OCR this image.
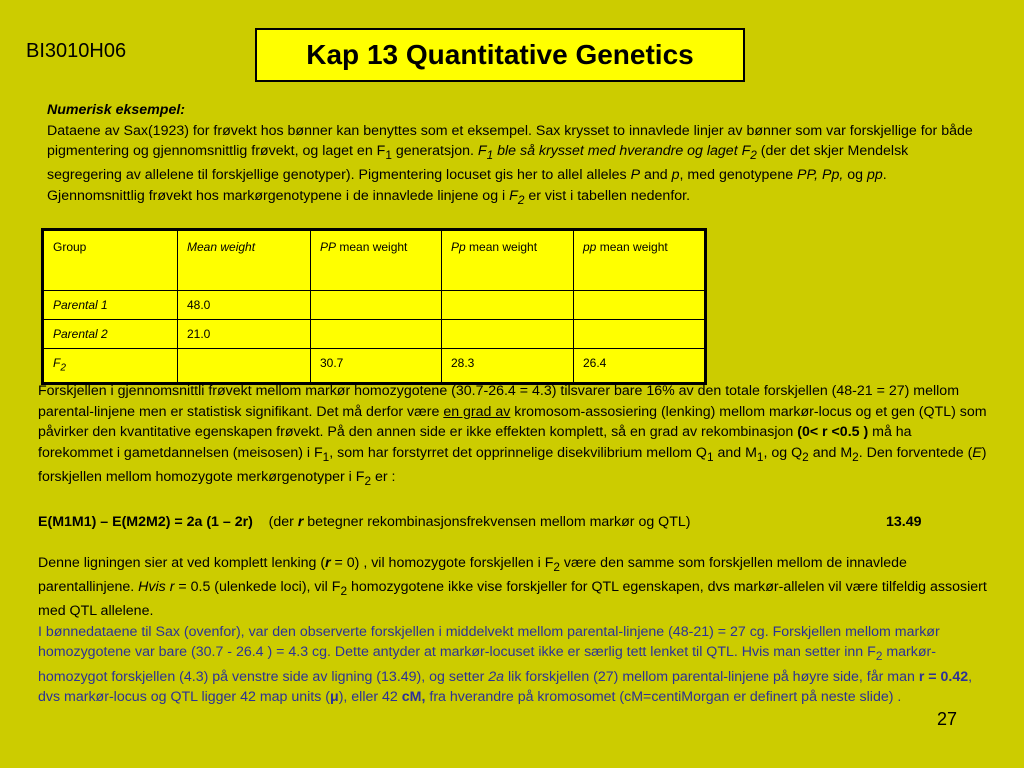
BI3010H06	Kap 13 Quantitative Genetics
Numerisk eksempel:
Dataene av Sax(1923) for frøvekt hos bønner kan benyttes som et eksempel. Sax krysset to innavlede linjer av bønner som var forskjellige for både pigmentering og gjennomsnittlig frøvekt, og laget en $F_1$ generatsjon. $F_1$ ble så krysset med hverandre og laget $F_2$ (der det skjer Mendelsk segregering av allelene til forskjellige genotyper). Pigmentering locuset gis her to allel alleles P and p, med genotypene PP, Pp, og pp. Gjennomsnittlig frøvekt hos markørgenotypene i de innavlede linjene og i $F_2$ er vist i tabellen nedenfor.
Group	Mean weight	PP mean weight	Pp mean weight	pp mean weight
Parental 1	48.0			
Parental 2	21.0			
$F_2$		30.7	28.3	26.4

Forskjellen i gjennomsnittli frøvekt mellom markør homozygotene (30.7-26.4 = 4.3) tilsvarer bare 16% av den totale forskjellen (48-21 = 27) mellom parental-linjene men er statistisk signifikant. Det må derfor være en grad av kromosom-assosiering (lenking) mellom markør-locus og et gen (QTL) som påvirker den kvantitative egenskapen frøvekt. På den annen side er ikke effekten komplett, så en grad av rekombinasjon (0< r <0.5 ) må ha forekommet i gametdannelsen (meisosen) i $F_1$, som har forstyrret det opprinnelige disekvilibrium mellom $Q_1$ and $M_1$, og $Q_2$ and $M_2$. Den forventede (E) forskjellen mellom homozygote merkørgenotyper i $F_2$ er :

E(M1M1) – E(M2M2) = 2a (1 – 2r) (der r betegner rekombinasjonsfrekvensen mellom markør og QTL)	13.49

Denne ligningen sier at ved komplett lenking (r = 0) , vil homozygote forskjellen i $F_2$ være den samme som forskjellen mellom de innavlede parentallinjene. Hvis r = 0.5 (ulenkede loci), vil $F_2$ homozygotene ikke vise forskjeller for QTL egenskapen, dvs markør-allelen vil være tilfeldig assosiert med QTL allelene.

I bønnedataene til Sax (ovenfor), var den observerte forskjellen i middelvekt mellom parental-linjene (48-21) = 27 cg. Forskjellen mellom markør homozygotene var bare (30.7 - 26.4 ) = 4.3 cg. Dette antyder at markør-locuset ikke er særlig tett lenket til QTL. Hvis man setter inn $F_2$ markør-homozygot forskjellen (4.3) på venstre side av ligning (13.49), og setter 2a lik forskjellen (27) mellom parental-linjene på høyre side, får man r = 0.42, dvs markør-locus og QTL ligger 42 map units (μ), eller 42 cM, fra hverandre på kromosomet (cM=centiMorgan er definert på neste slide) .

27
